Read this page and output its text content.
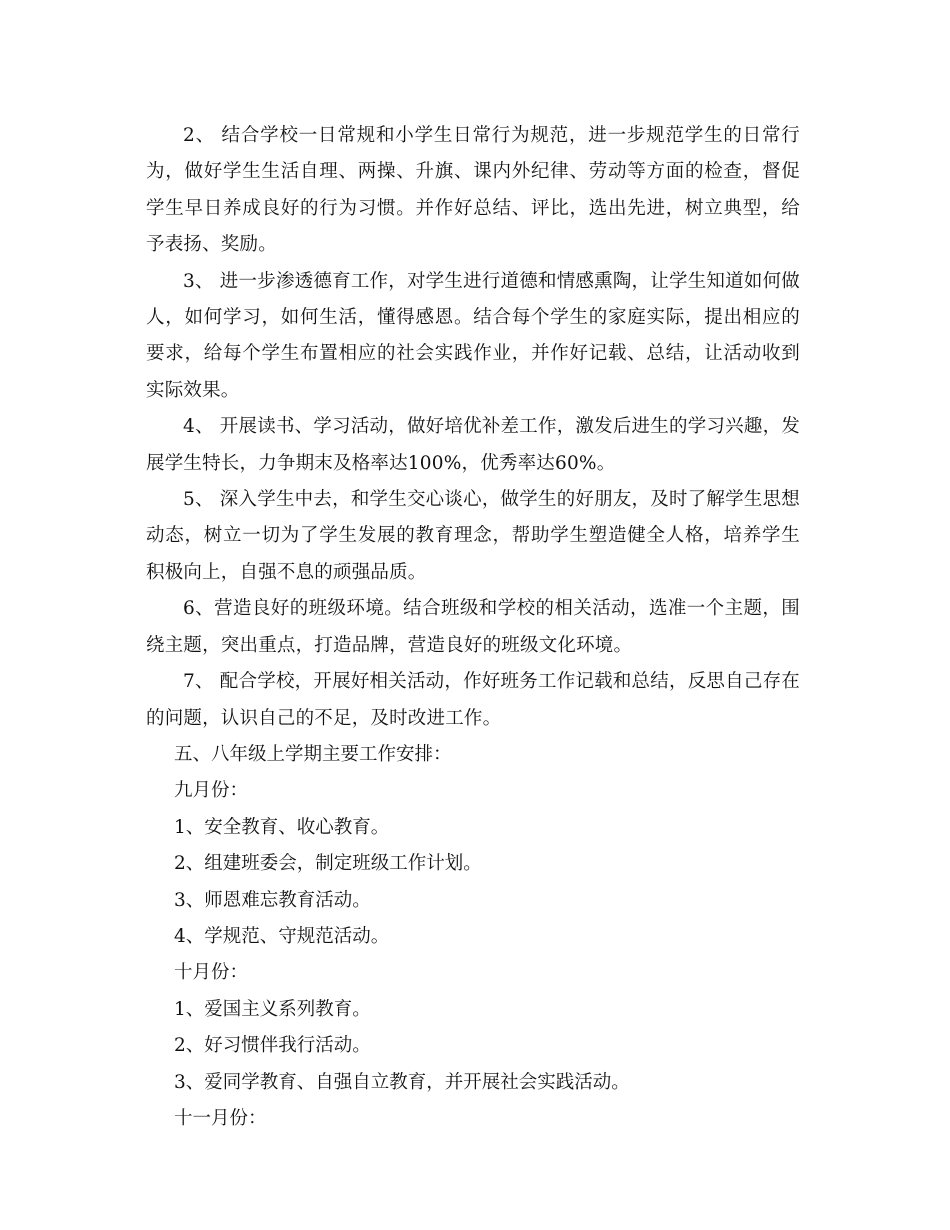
2、 结合学校一日常规和小学生日常行为规范，进一步规范学生的日常行为，做好学生生活自理、两操、升旗、课内外纪律、劳动等方面的检查，督促学生早日养成良好的行为习惯。并作好总结、评比，选出先进，树立典型，给予表扬、奖励。

3、 进一步渗透德育工作，对学生进行道德和情感熏陶，让学生知道如何做人，如何学习，如何生活，懂得感恩。结合每个学生的家庭实际，提出相应的要求，给每个学生布置相应的社会实践作业，并作好记载、总结，让活动收到实际效果。

4、 开展读书、学习活动，做好培优补差工作，激发后进生的学习兴趣，发展学生特长，力争期末及格率达100%，优秀率达60%。

5、 深入学生中去，和学生交心谈心，做学生的好朋友，及时了解学生思想动态，树立一切为了学生发展的教育理念，帮助学生塑造健全人格，培养学生积极向上，自强不息的顽强品质。

6、营造良好的班级环境。结合班级和学校的相关活动，选准一个主题，围绕主题，突出重点，打造品牌，营造良好的班级文化环境。

7、 配合学校，开展好相关活动，作好班务工作记载和总结，反思自己存在的问题，认识自己的不足，及时改进工作。

五、八年级上学期主要工作安排：

九月份：

1、安全教育、收心教育。

2、组建班委会，制定班级工作计划。

3、师恩难忘教育活动。

4、学规范、守规范活动。

十月份：

1、爱国主义系列教育。

2、好习惯伴我行活动。

3、爱同学教育、自强自立教育，并开展社会实践活动。

十一月份：
